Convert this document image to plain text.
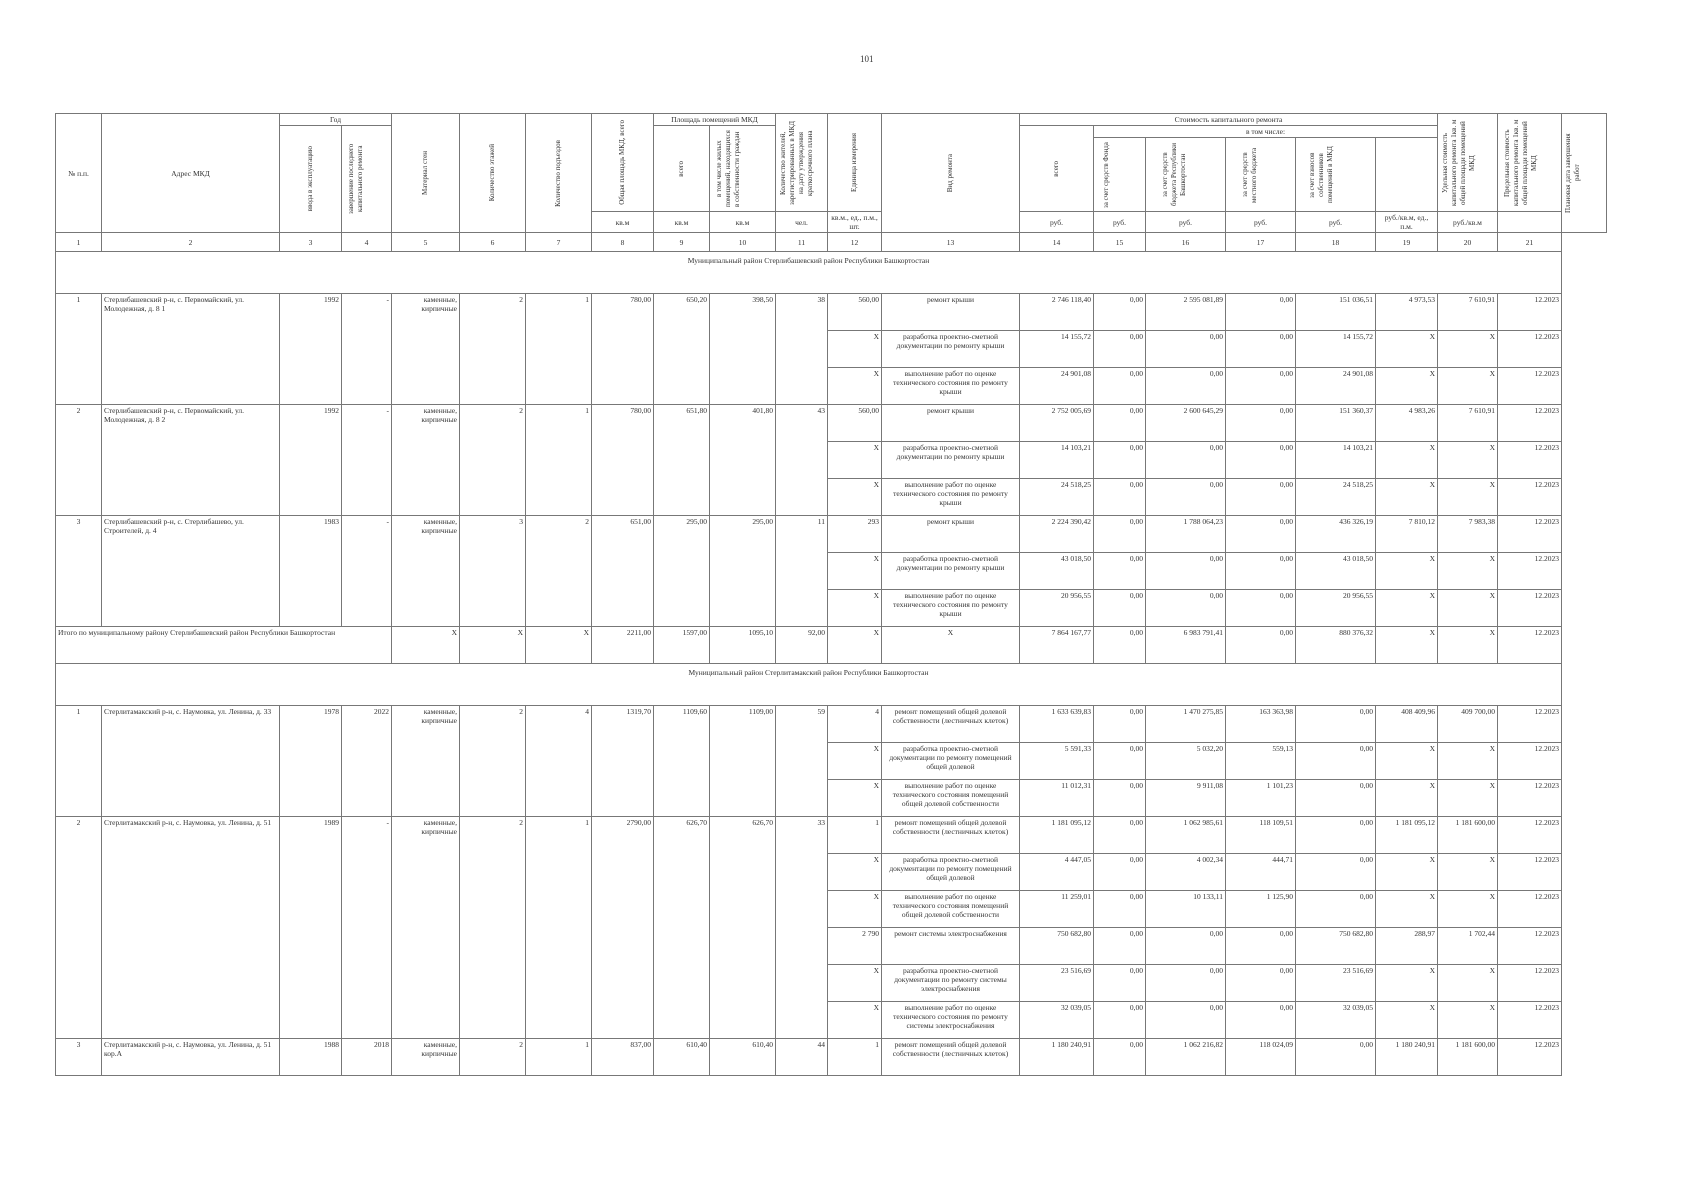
101
№ п.п.	Адрес МКД	Год		Материал стен	Количество этажей	Количество подъездов	Общая площадь МКД, всего	Площадь помещений МКД		Количество жителей, зарегистрированных в МКД на дату утверждения краткосрочного плана	Единица измерения	Вид ремонта	Стоимость капитального ремонта						Удельная стоимость капитального ремонта 1кв. м общей площади помещений МКД	Предельная стоимость капитального ремонта 1кв. м общей площади помещений МКД	Плановая дата завершения работ

		ввода в эксплуатацию	завершение последнего капитального ремонта					всего	в том числе жилых помещений, находящихся в собственности граждан				всего	в том числе:							

														за счет средств Фонда	за счет средств бюджета Республики Башкортостан	за счет средств местного бюджета	за счет взносов собственников помещений в МКД				

							кв.м	кв.м	кв.м	чел.	кв.м., ед., п.м., шт.		руб.	руб.	руб.	руб.	руб.	руб./кв.м, ед., п.м.	руб./кв.м		
1	2	3	4	5	6	7	8	9	10	11	12	13	14	15	16	17	18	19	20	21	
Муниципальный район Стерлибашевский район Республики Башкортостан																					
1	Стерлибашевский р-н, с. Первомайский, ул. Молодежная, д. 8 1	1992	-	каменные, кирпичные	2	1	780,00	650,20	398,50	38	560,00	ремонт крыши	2 746 118,40	0,00	2 595 081,89	0,00	151 036,51	4 973,53	7 610,91	12.2023	
											X	разработка проектно-сметной документации по ремонту крыши	14 155,72	0,00	0,00	0,00	14 155,72	X	X	12.2023	
											X	выполнение работ по оценке технического состояния по ремонту крыши	24 901,08	0,00	0,00	0,00	24 901,08	X	X	12.2023	
2	Стерлибашевский р-н, с. Первомайский, ул. Молодежная, д. 8 2	1992	-	каменные, кирпичные	2	1	780,00	651,80	401,80	43	560,00	ремонт крыши	2 752 005,69	0,00	2 600 645,29	0,00	151 360,37	4 983,26	7 610,91	12.2023	
											X	разработка проектно-сметной документации по ремонту крыши	14 103,21	0,00	0,00	0,00	14 103,21	X	X	12.2023	
											X	выполнение работ по оценке технического состояния по ремонту крыши	24 518,25	0,00	0,00	0,00	24 518,25	X	X	12.2023	
3	Стерлибашевский р-н, с. Стерлибашево, ул. Строителей, д. 4	1983	-	каменные, кирпичные	3	2	651,00	295,00	295,00	11	293	ремонт крыши	2 224 390,42	0,00	1 788 064,23	0,00	436 326,19	7 810,12	7 983,38	12.2023	
											X	разработка проектно-сметной документации по ремонту крыши	43 018,50	0,00	0,00	0,00	43 018,50	X	X	12.2023	
											X	выполнение работ по оценке технического состояния по ремонту крыши	20 956,55	0,00	0,00	0,00	20 956,55	X	X	12.2023	
Итого по муниципальному району Стерлибашевский район Республики Башкортостан				X	X	X	2211,00	1597,00	1095,10	92,00	X	X	7 864 167,77	0,00	6 983 791,41	0,00	880 376,32	X	X	12.2023	
Муниципальный район Стерлитамакский район Республики Башкортостан																					
1	Стерлитамакский р-н, с. Наумовка, ул. Ленина, д. 33	1978	2022	каменные, кирпичные	2	4	1319,70	1109,60	1109,00	59	4	ремонт помещений общей долевой собственности (лестничных клеток)	1 633 639,83	0,00	1 470 275,85	163 363,98	0,00	408 409,96	409 700,00	12.2023	
											X	разработка проектно-сметной документации по ремонту помещений общей долевой	5 591,33	0,00	5 032,20	559,13	0,00	X	X	12.2023	
											X	выполнение работ по оценке технического состояния помещений общей долевой собственности	11 012,31	0,00	9 911,08	1 101,23	0,00	X	X	12.2023	
2	Стерлитамакский р-н, с. Наумовка, ул. Ленина, д. 51	1989	-	каменные, кирпичные	2	1	2790,00	626,70	626,70	33	1	ремонт помещений общей долевой собственности (лестничных клеток)	1 181 095,12	0,00	1 062 985,61	118 109,51	0,00	1 181 095,12	1 181 600,00	12.2023	
											X	разработка проектно-сметной документации по ремонту помещений общей долевой	4 447,05	0,00	4 002,34	444,71	0,00	X	X	12.2023	
											X	выполнение работ по оценке технического состояния помещений общей долевой собственности	11 259,01	0,00	10 133,11	1 125,90	0,00	X	X	12.2023	
											2 790	ремонт системы электроснабжения	750 682,80	0,00	0,00	0,00	750 682,80	288,97	1 702,44	12.2023	
											X	разработка проектно-сметной документации по ремонту системы электроснабжения	23 516,69	0,00	0,00	0,00	23 516,69	X	X	12.2023	
											X	выполнение работ по оценке технического состояния по ремонту системы электроснабжения	32 039,05	0,00	0,00	0,00	32 039,05	X	X	12.2023	
3	Стерлитамакский р-н, с. Наумовка, ул. Ленина, д. 51 кор.А	1988	2018	каменные, кирпичные	2	1	837,00	610,40	610,40	44	1	ремонт помещений общей долевой собственности (лестничных клеток)	1 180 240,91	0,00	1 062 216,82	118 024,09	0,00	1 180 240,91	1 181 600,00	12.2023	
